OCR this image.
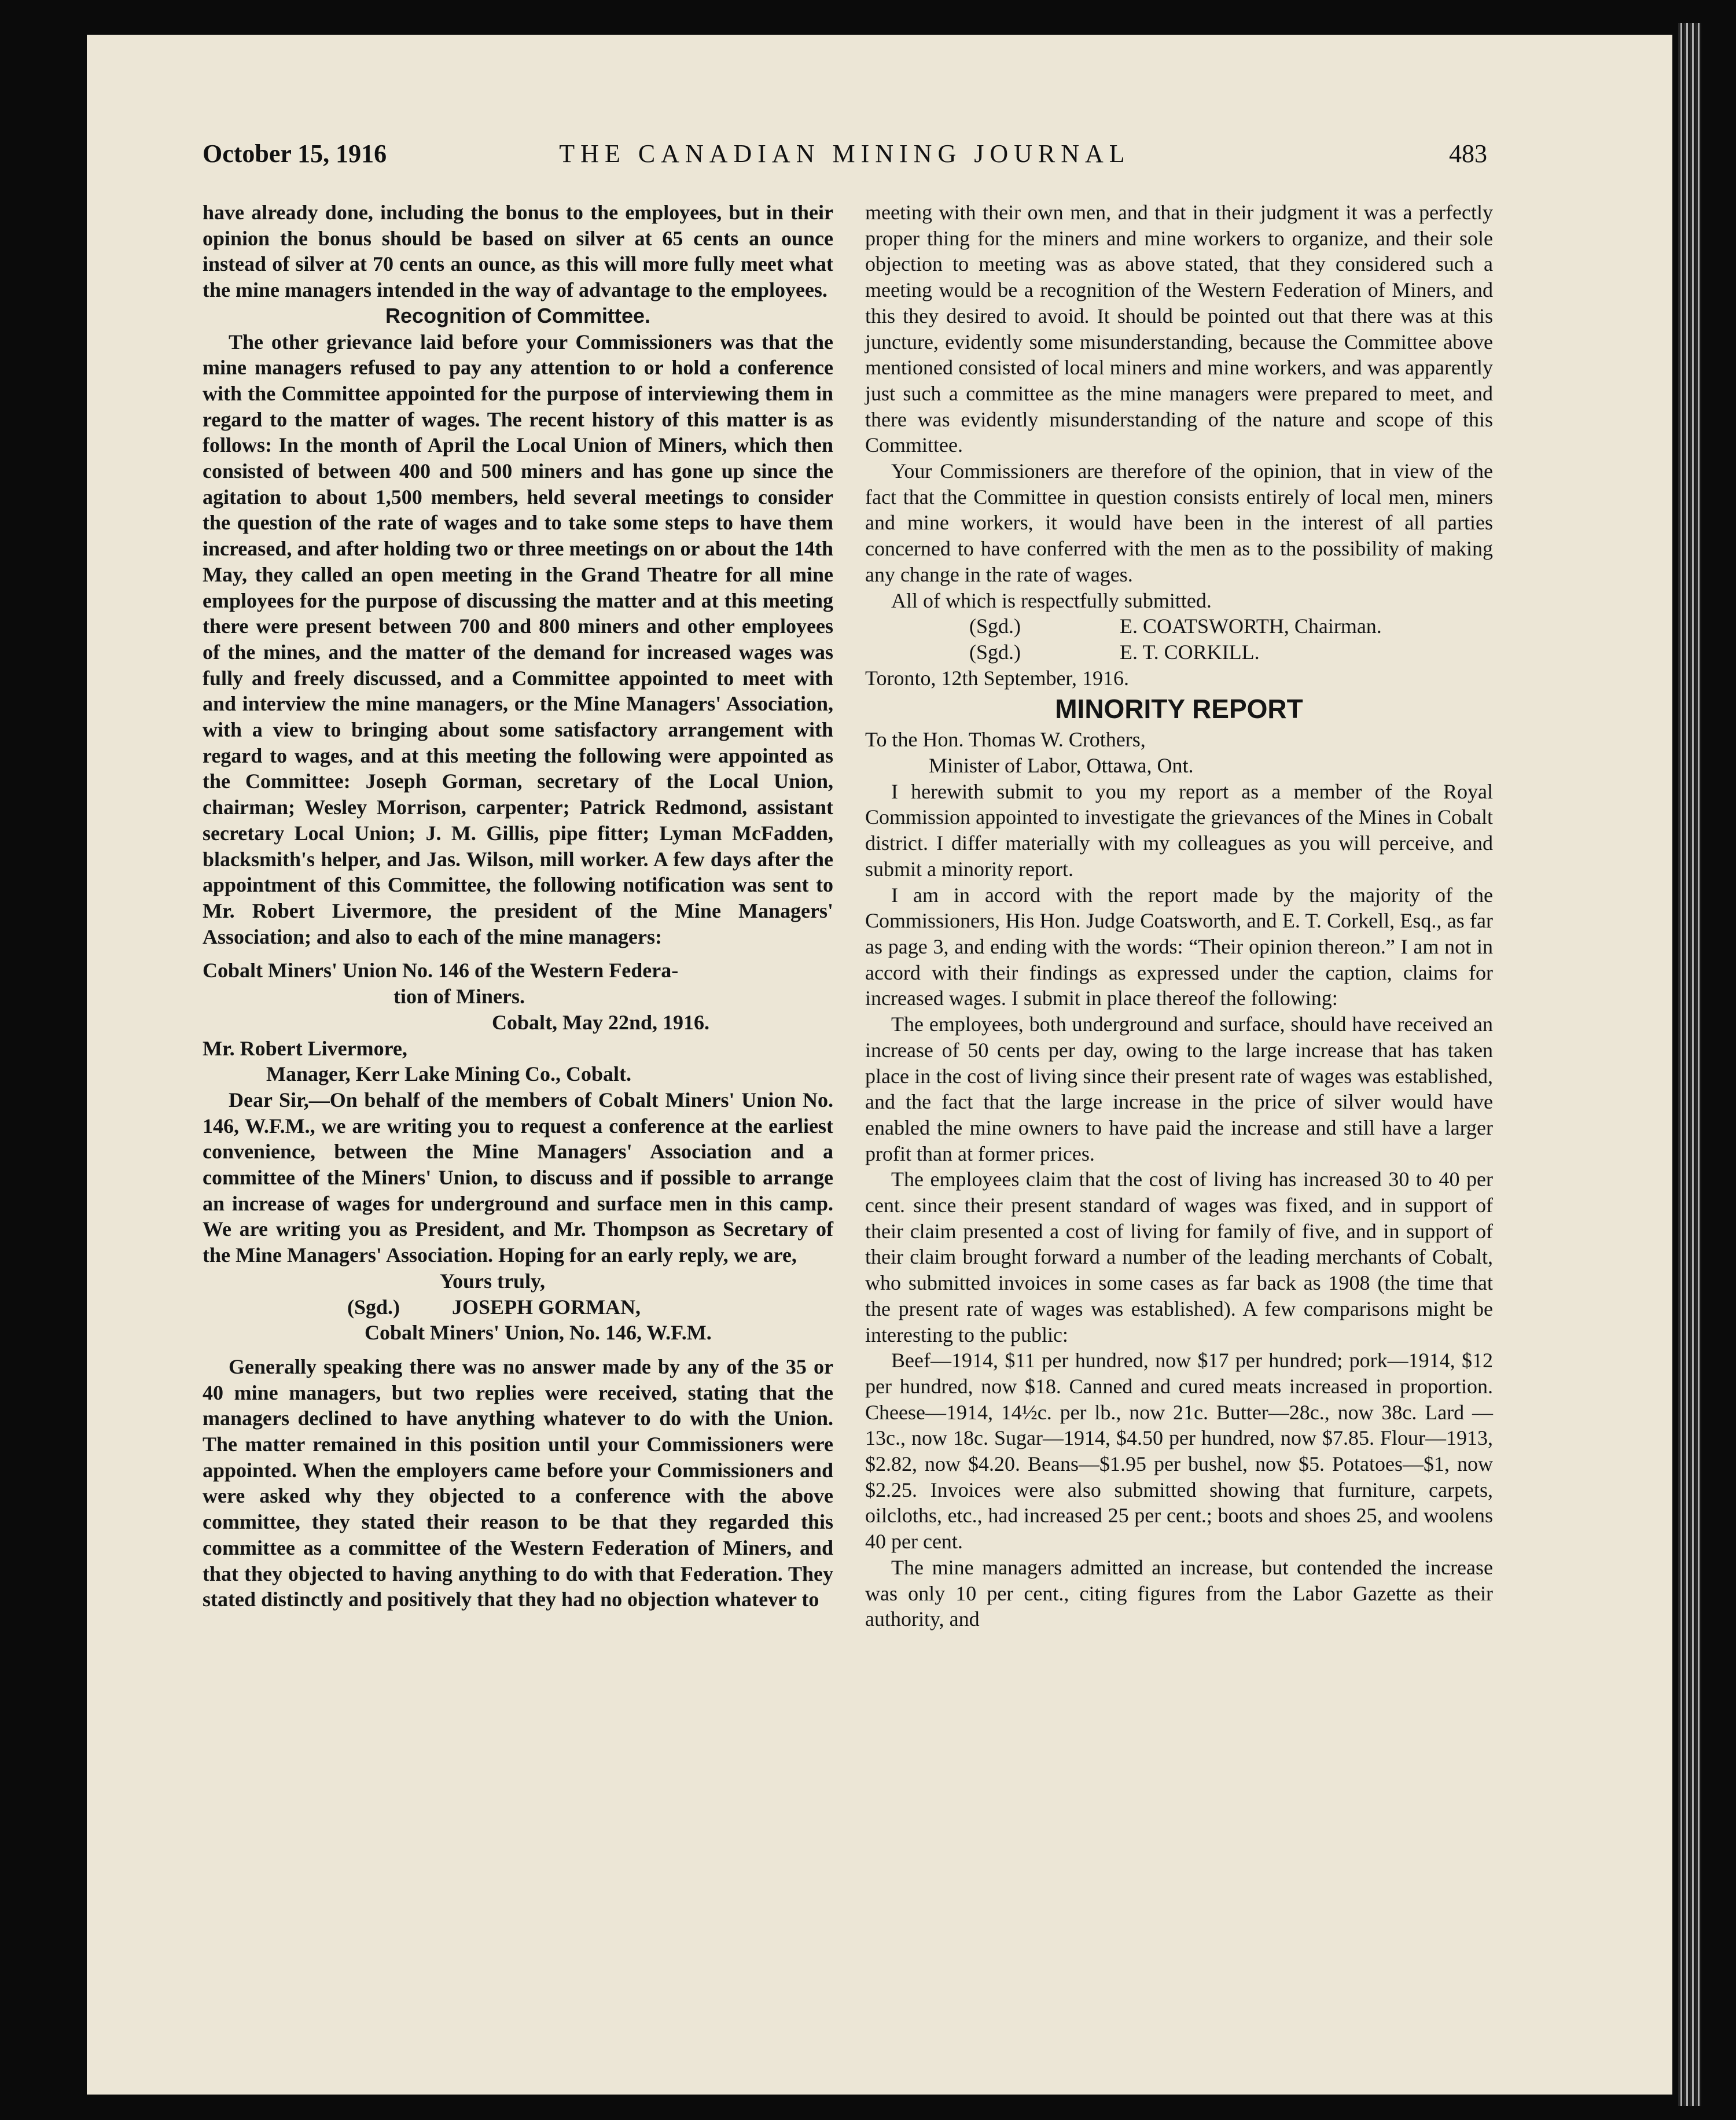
October 15, 1916	THE CANADIAN MINING JOURNAL	483

have already done, including the bonus to the employees, but in their opinion the bonus should be based on silver at 65 cents an ounce instead of silver at 70 cents an ounce, as this will more fully meet what the mine managers intended in the way of advantage to the employees.

Recognition of Committee.

The other grievance laid before your Commissioners was that the mine managers refused to pay any attention to or hold a conference with the Committee appointed for the purpose of interviewing them in regard to the matter of wages. The recent history of this matter is as follows: In the month of April the Local Union of Miners, which then consisted of between 400 and 500 miners and has gone up since the agitation to about 1,500 members, held several meetings to consider the question of the rate of wages and to take some steps to have them increased, and after holding two or three meetings on or about the 14th May, they called an open meeting in the Grand Theatre for all mine employees for the purpose of discussing the matter and at this meeting there were present between 700 and 800 miners and other employees of the mines, and the matter of the demand for increased wages was fully and freely discussed, and a Committee appointed to meet with and interview the mine managers, or the Mine Managers' Association, with a view to bringing about some satisfactory arrangement with regard to wages, and at this meeting the following were appointed as the Committee: Joseph Gorman, secretary of the Local Union, chairman; Wesley Morrison, carpenter; Patrick Redmond, assistant secretary Local Union; J. M. Gillis, pipe fitter; Lyman McFadden, blacksmith's helper, and Jas. Wilson, mill worker. A few days after the appointment of this Committee, the following notification was sent to Mr. Robert Livermore, the president of the Mine Managers' Association; and also to each of the mine managers:

Cobalt Miners' Union No. 146 of the Western Federa-

tion of Miners.

Cobalt, May 22nd, 1916.

Mr. Robert Livermore,

Manager, Kerr Lake Mining Co., Cobalt.

Dear Sir,—On behalf of the members of Cobalt Miners' Union No. 146, W.F.M., we are writing you to request a conference at the earliest convenience, between the Mine Managers' Association and a committee of the Miners' Union, to discuss and if possible to arrange an increase of wages for underground and surface men in this camp. We are writing you as President, and Mr. Thompson as Secretary of the Mine Managers' Association. Hoping for an early reply, we are,

Yours truly,

(Sgd.)	JOSEPH GORMAN,

Cobalt Miners' Union, No. 146, W.F.M.

Generally speaking there was no answer made by any of the 35 or 40 mine managers, but two replies were received, stating that the managers declined to have anything whatever to do with the Union. The matter remained in this position until your Commissioners were appointed. When the employers came before your Commissioners and were asked why they objected to a conference with the above committee, they stated their reason to be that they regarded this committee as a committee of the Western Federation of Miners, and that they objected to having anything to do with that Federation. They stated distinctly and positively that they had no objection whatever to

meeting with their own men, and that in their judgment it was a perfectly proper thing for the miners and mine workers to organize, and their sole objection to meeting was as above stated, that they considered such a meeting would be a recognition of the Western Federation of Miners, and this they desired to avoid. It should be pointed out that there was at this juncture, evidently some misunderstanding, because the Committee above mentioned consisted of local miners and mine workers, and was apparently just such a committee as the mine managers were prepared to meet, and there was evidently misunderstanding of the nature and scope of this Committee.

Your Commissioners are therefore of the opinion, that in view of the fact that the Committee in question consists entirely of local men, miners and mine workers, it would have been in the interest of all parties concerned to have conferred with the men as to the possibility of making any change in the rate of wages.

All of which is respectfully submitted.

(Sgd.)	E. COATSWORTH, Chairman.
(Sgd.)	E. T. CORKILL.

Toronto, 12th September, 1916.

MINORITY REPORT

To the Hon. Thomas W. Crothers,

Minister of Labor, Ottawa, Ont.

I herewith submit to you my report as a member of the Royal Commission appointed to investigate the grievances of the Mines in Cobalt district. I differ materially with my colleagues as you will perceive, and submit a minority report.

I am in accord with the report made by the majority of the Commissioners, His Hon. Judge Coatsworth, and E. T. Corkell, Esq., as far as page 3, and ending with the words: “Their opinion thereon.” I am not in accord with their findings as expressed under the caption, claims for increased wages. I submit in place thereof the following:

The employees, both underground and surface, should have received an increase of 50 cents per day, owing to the large increase that has taken place in the cost of living since their present rate of wages was established, and the fact that the large increase in the price of silver would have enabled the mine owners to have paid the increase and still have a larger profit than at former prices.

The employees claim that the cost of living has increased 30 to 40 per cent. since their present standard of wages was fixed, and in support of their claim presented a cost of living for family of five, and in support of their claim brought forward a number of the leading merchants of Cobalt, who submitted invoices in some cases as far back as 1908 (the time that the present rate of wages was established). A few comparisons might be interesting to the public:

Beef—1914, $11 per hundred, now $17 per hundred; pork—1914, $12 per hundred, now $18. Canned and cured meats increased in proportion. Cheese—1914, 14½c. per lb., now 21c. Butter—28c., now 38c. Lard —13c., now 18c. Sugar—1914, $4.50 per hundred, now $7.85. Flour—1913, $2.82, now $4.20. Beans—$1.95 per bushel, now $5. Potatoes—$1, now $2.25. Invoices were also submitted showing that furniture, carpets, oilcloths, etc., had increased 25 per cent.; boots and shoes 25, and woolens 40 per cent.

The mine managers admitted an increase, but contended the increase was only 10 per cent., citing figures from the Labor Gazette as their authority, and
